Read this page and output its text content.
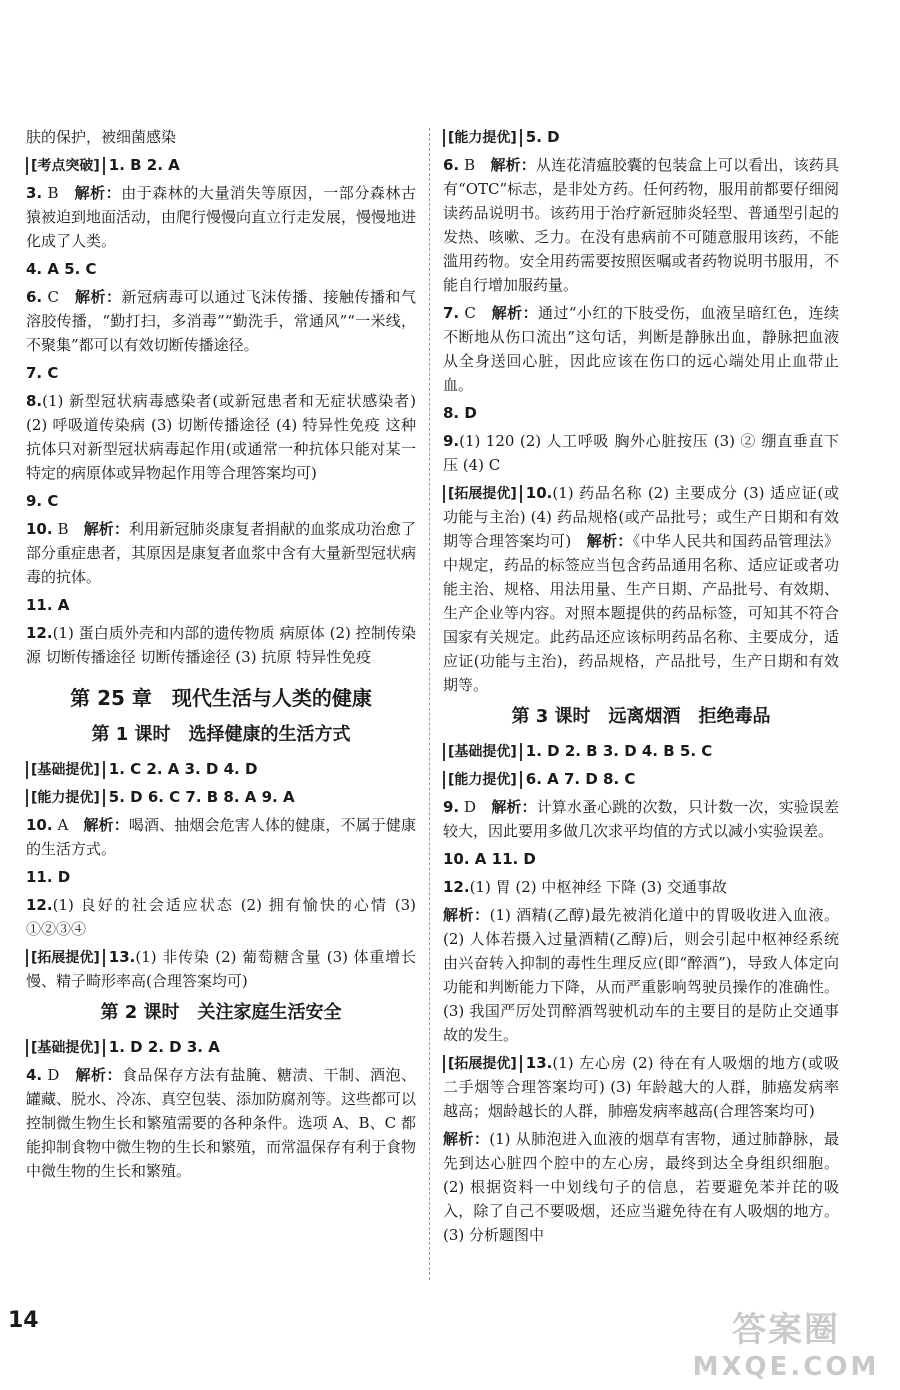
肤的保护，被细菌感染

[考点突破] 1. B 2. A

3. B　 解析：由于森林的大量消失等原因，一部分森林古猿被迫到地面活动，由爬行慢慢向直立行走发展，慢慢地进化成了人类。

4. A 5. C

6. C　 解析：新冠病毒可以通过飞沫传播、接触传播和气溶胶传播，“勤打扫，多消毒”“勤洗手，常通风”“一米线，不聚集”都可以有效切断传播途径。

7. C

8.(1) 新型冠状病毒感染者(或新冠患者和无症状感染者) (2) 呼吸道传染病 (3) 切断传播途径 (4) 特异性免疫 这种抗体只对新型冠状病毒起作用(或通常一种抗体只能对某一特定的病原体或异物起作用等合理答案均可)

9. C

10. B　 解析：利用新冠肺炎康复者捐献的血浆成功治愈了部分重症患者，其原因是康复者血浆中含有大量新型冠状病毒的抗体。

11. A

12.(1) 蛋白质外壳和内部的遗传物质 病原体 (2) 控制传染源 切断传播途径 切断传播途径 (3) 抗原 特异性免疫

第 25 章　现代生活与人类的健康
第 1 课时　选择健康的生活方式

[基础提优] 1. C 2. A 3. D 4. D

[能力提优] 5. D 6. C 7. B 8. A 9. A

10. A　 解析：喝酒、抽烟会危害人体的健康，不属于健康的生活方式。

11. D

12.(1) 良好的社会适应状态 (2) 拥有愉快的心情 (3) ①②③④

[拓展提优] 13.(1) 非传染 (2) 葡萄糖含量 (3) 体重增长慢、精子畸形率高(合理答案均可)

第 2 课时　关注家庭生活安全

[基础提优] 1. D 2. D 3. A

4. D　 解析：食品保存方法有盐腌、糖渍、干制、酒泡、罐藏、脱水、冷冻、真空包装、添加防腐剂等。这些都可以控制微生物生长和繁殖需要的各种条件。选项 A、B、C 都能抑制食物中微生物的生长和繁殖，而常温保存有利于食物中微生物的生长和繁殖。

[能力提优] 5. D

6. B　 解析：从连花清瘟胶囊的包装盒上可以看出，该药具有“OTC”标志，是非处方药。任何药物，服用前都要仔细阅读药品说明书。该药用于治疗新冠肺炎轻型、普通型引起的发热、咳嗽、乏力。在没有患病前不可随意服用该药，不能滥用药物。安全用药需要按照医嘱或者药物说明书服用，不能自行增加服药量。

7. C　 解析：通过“小红的下肢受伤，血液呈暗红色，连续不断地从伤口流出”这句话，判断是静脉出血，静脉把血液从全身送回心脏，因此应该在伤口的远心端处用止血带止血。

8. D

9.(1) 120 (2) 人工呼吸 胸外心脏按压 (3) ② 绷直垂直下压 (4) C

[拓展提优] 10.(1) 药品名称 (2) 主要成分 (3) 适应证(或功能与主治) (4) 药品规格(或产品批号；或生产日期和有效期等合理答案均可)　 解析：《中华人民共和国药品管理法》中规定，药品的标签应当包含药品通用名称、适应证或者功能主治、规格、用法用量、生产日期、产品批号、有效期、生产企业等内容。对照本题提供的药品标签，可知其不符合国家有关规定。此药品还应该标明药品名称、主要成分，适应证(功能与主治)，药品规格，产品批号，生产日期和有效期等。

第 3 课时　远离烟酒　拒绝毒品

[基础提优] 1. D 2. B 3. D 4. B 5. C

[能力提优] 6. A 7. D 8. C

9. D　 解析：计算水蚤心跳的次数，只计数一次，实验误差较大，因此要用多做几次求平均值的方式以减小实验误差。

10. A 11. D

12.(1) 胃 (2) 中枢神经 下降 (3) 交通事故

解析：(1) 酒精(乙醇)最先被消化道中的胃吸收进入血液。(2) 人体若摄入过量酒精(乙醇)后，则会引起中枢神经系统由兴奋转入抑制的毒性生理反应(即“醉酒”)，导致人体定向功能和判断能力下降，从而严重影响驾驶员操作的准确性。(3) 我国严厉处罚醉酒驾驶机动车的主要目的是防止交通事故的发生。

[拓展提优] 13.(1) 左心房 (2) 待在有人吸烟的地方(或吸二手烟等合理答案均可) (3) 年龄越大的人群，肺癌发病率越高；烟龄越长的人群，肺癌发病率越高(合理答案均可)

解析：(1) 从肺泡进入血液的烟草有害物，通过肺静脉，最先到达心脏四个腔中的左心房，最终到达全身组织细胞。(2) 根据资料一中划线句子的信息，若要避免苯并芘的吸入，除了自己不要吸烟，还应当避免待在有人吸烟的地方。(3) 分析题图中

14	答案圈
MXQE.COM
